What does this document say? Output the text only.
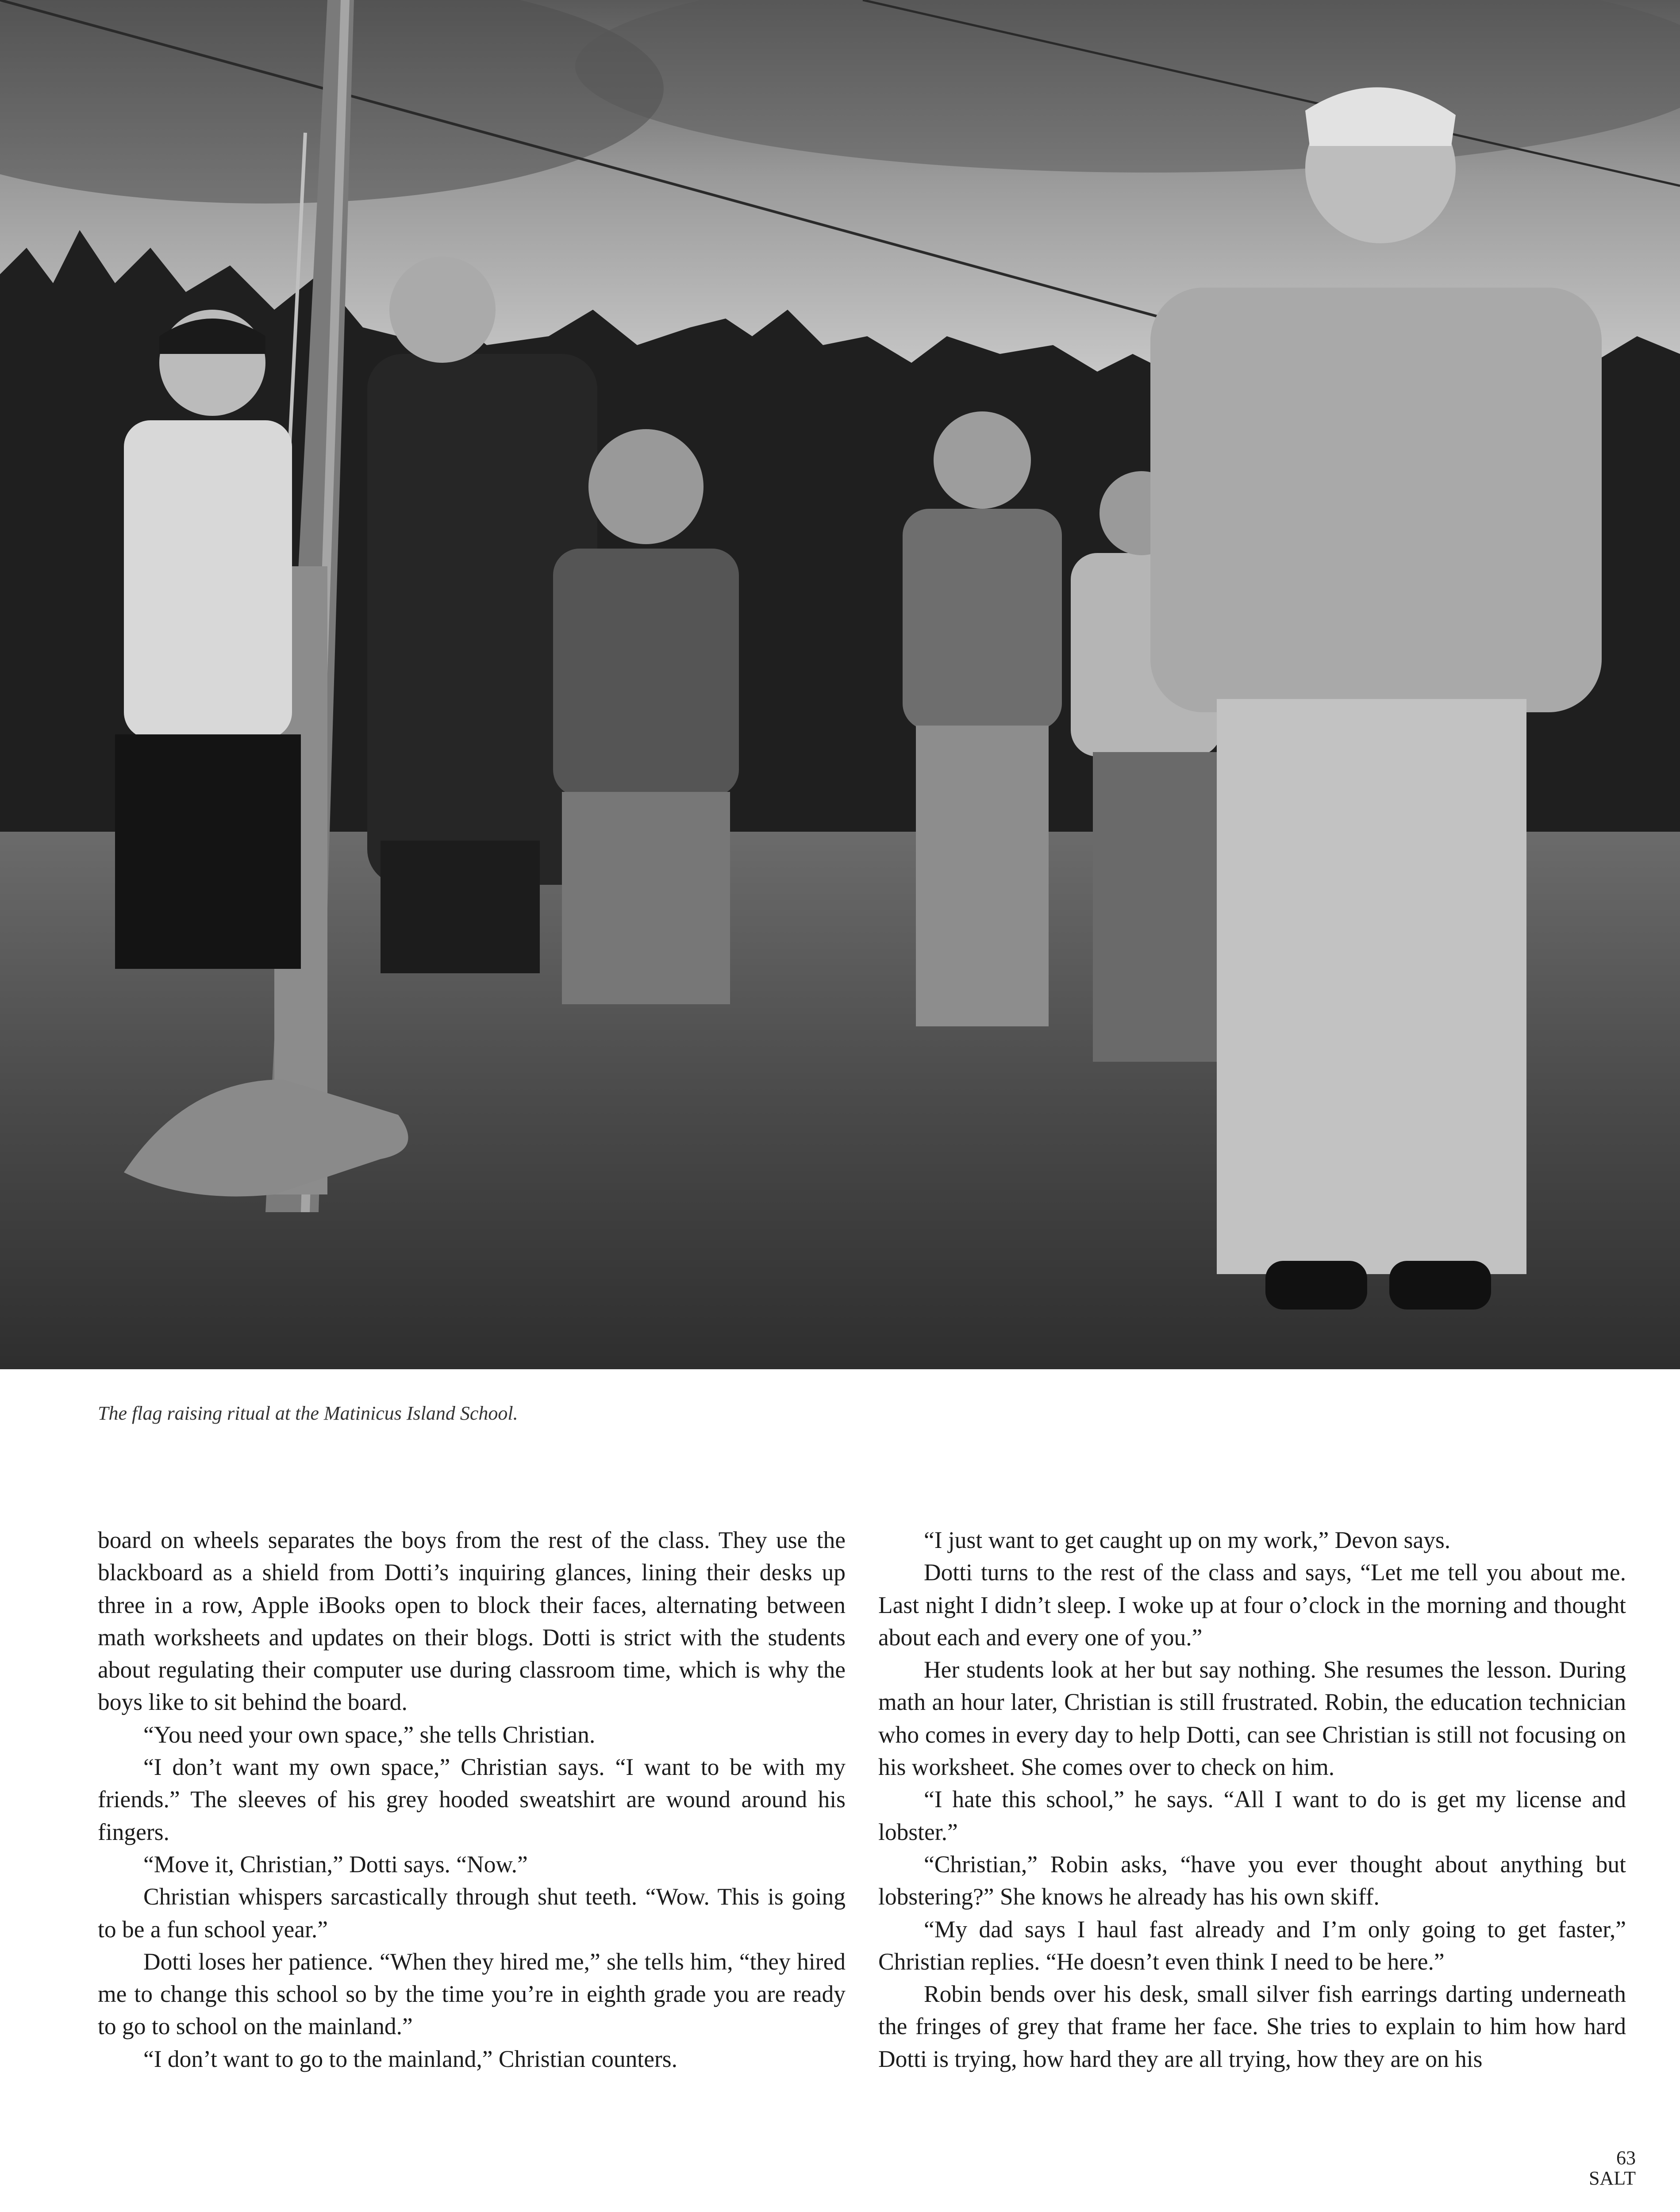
The flag raising ritual at the Matinicus Island School.

board on wheels separates the boys from the rest of the class. They use the blackboard as a shield from Dotti’s inquiring glances, lining their desks up three in a row, Apple iBooks open to block their faces, alternating between math worksheets and updates on their blogs. Dotti is strict with the students about regulating their computer use during classroom time, which is why the boys like to sit behind the board.

“You need your own space,” she tells Christian.

“I don’t want my own space,” Christian says. “I want to be with my friends.” The sleeves of his grey hooded sweatshirt are wound around his fingers.

“Move it, Christian,” Dotti says. “Now.”

Christian whispers sarcastically through shut teeth. “Wow. This is going to be a fun school year.”

Dotti loses her patience. “When they hired me,” she tells him, “they hired me to change this school so by the time you’re in eighth grade you are ready to go to school on the mainland.”

“I don’t want to go to the mainland,” Christian counters.

“I just want to get caught up on my work,” Devon says.

Dotti turns to the rest of the class and says, “Let me tell you about me. Last night I didn’t sleep. I woke up at four o’clock in the morning and thought about each and every one of you.”

Her students look at her but say nothing. She resumes the lesson. During math an hour later, Christian is still frustrated. Robin, the education technician who comes in every day to help Dotti, can see Christian is still not focusing on his worksheet. She comes over to check on him.

“I hate this school,” he says. “All I want to do is get my license and lobster.”

“Christian,” Robin asks, “have you ever thought about anything but lobstering?” She knows he already has his own skiff.

“My dad says I haul fast already and I’m only going to get faster,” Christian replies. “He doesn’t even think I need to be here.”

Robin bends over his desk, small silver fish earrings darting underneath the fringes of grey that frame her face. She tries to explain to him how hard Dotti is trying, how hard they are all trying, how they are on his

63
SALT
